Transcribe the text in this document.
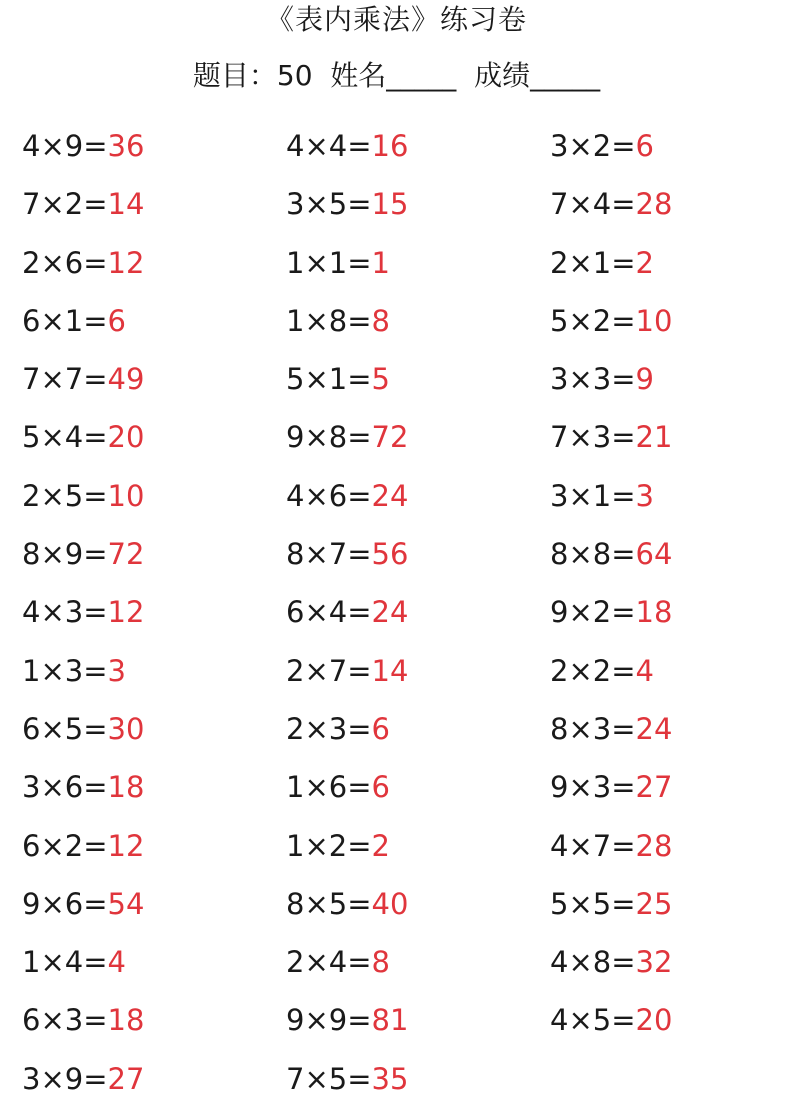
《表内乘法》练习卷
题目：50  姓名_____  成绩_____
4×9=36	4×4=16	3×2=6
7×2=14	3×5=15	7×4=28
2×6=12	1×1=1	2×1=2
6×1=6	1×8=8	5×2=10
7×7=49	5×1=5	3×3=9
5×4=20	9×8=72	7×3=21
2×5=10	4×6=24	3×1=3
8×9=72	8×7=56	8×8=64
4×3=12	6×4=24	9×2=18
1×3=3	2×7=14	2×2=4
6×5=30	2×3=6	8×3=24
3×6=18	1×6=6	9×3=27
6×2=12	1×2=2	4×7=28
9×6=54	8×5=40	5×5=25
1×4=4	2×4=8	4×8=32
6×3=18	9×9=81	4×5=20
3×9=27	7×5=35
